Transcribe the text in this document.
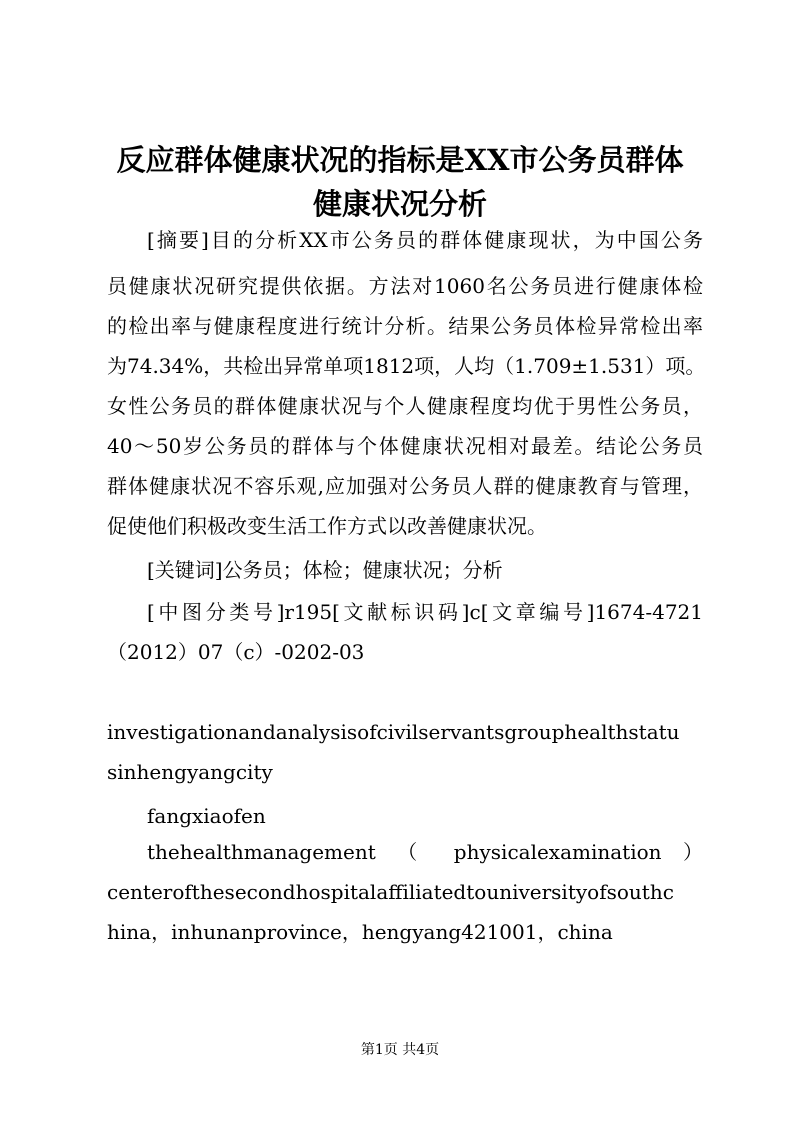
反应群体健康状况的指标是XX市公务员群体
健康状况分析
[摘要]目的分析XX市公务员的群体健康现状，为中国公务
员健康状况研究提供依据。方法对1060名公务员进行健康体检
的检出率与健康程度进行统计分析。结果公务员体检异常检出率
为74.34%，共检出异常单项1812项，人均（1.709±1.531）项。
女性公务员的群体健康状况与个人健康程度均优于男性公务员，
40～50岁公务员的群体与个体健康状况相对最差。结论公务员
群体健康状况不容乐观,应加强对公务员人群的健康教育与管理，
促使他们积极改变生活工作方式以改善健康状况。
[关键词]公务员；体检；健康状况；分析
[中图分类号]r195[文献标识码]c[文章编号]1674-4721
（2012）07（c）-0202-03
investigationandanalysisofcivilservantsgrouphealthstatu
sinhengyangcity
fangxiaofen
thehealthmanagement （ physicalexamination ）
centerofthesecondhospitalaffiliatedtouniversityofsouthc
hina，inhunanprovince，hengyang421001，china
第1页 共4页
